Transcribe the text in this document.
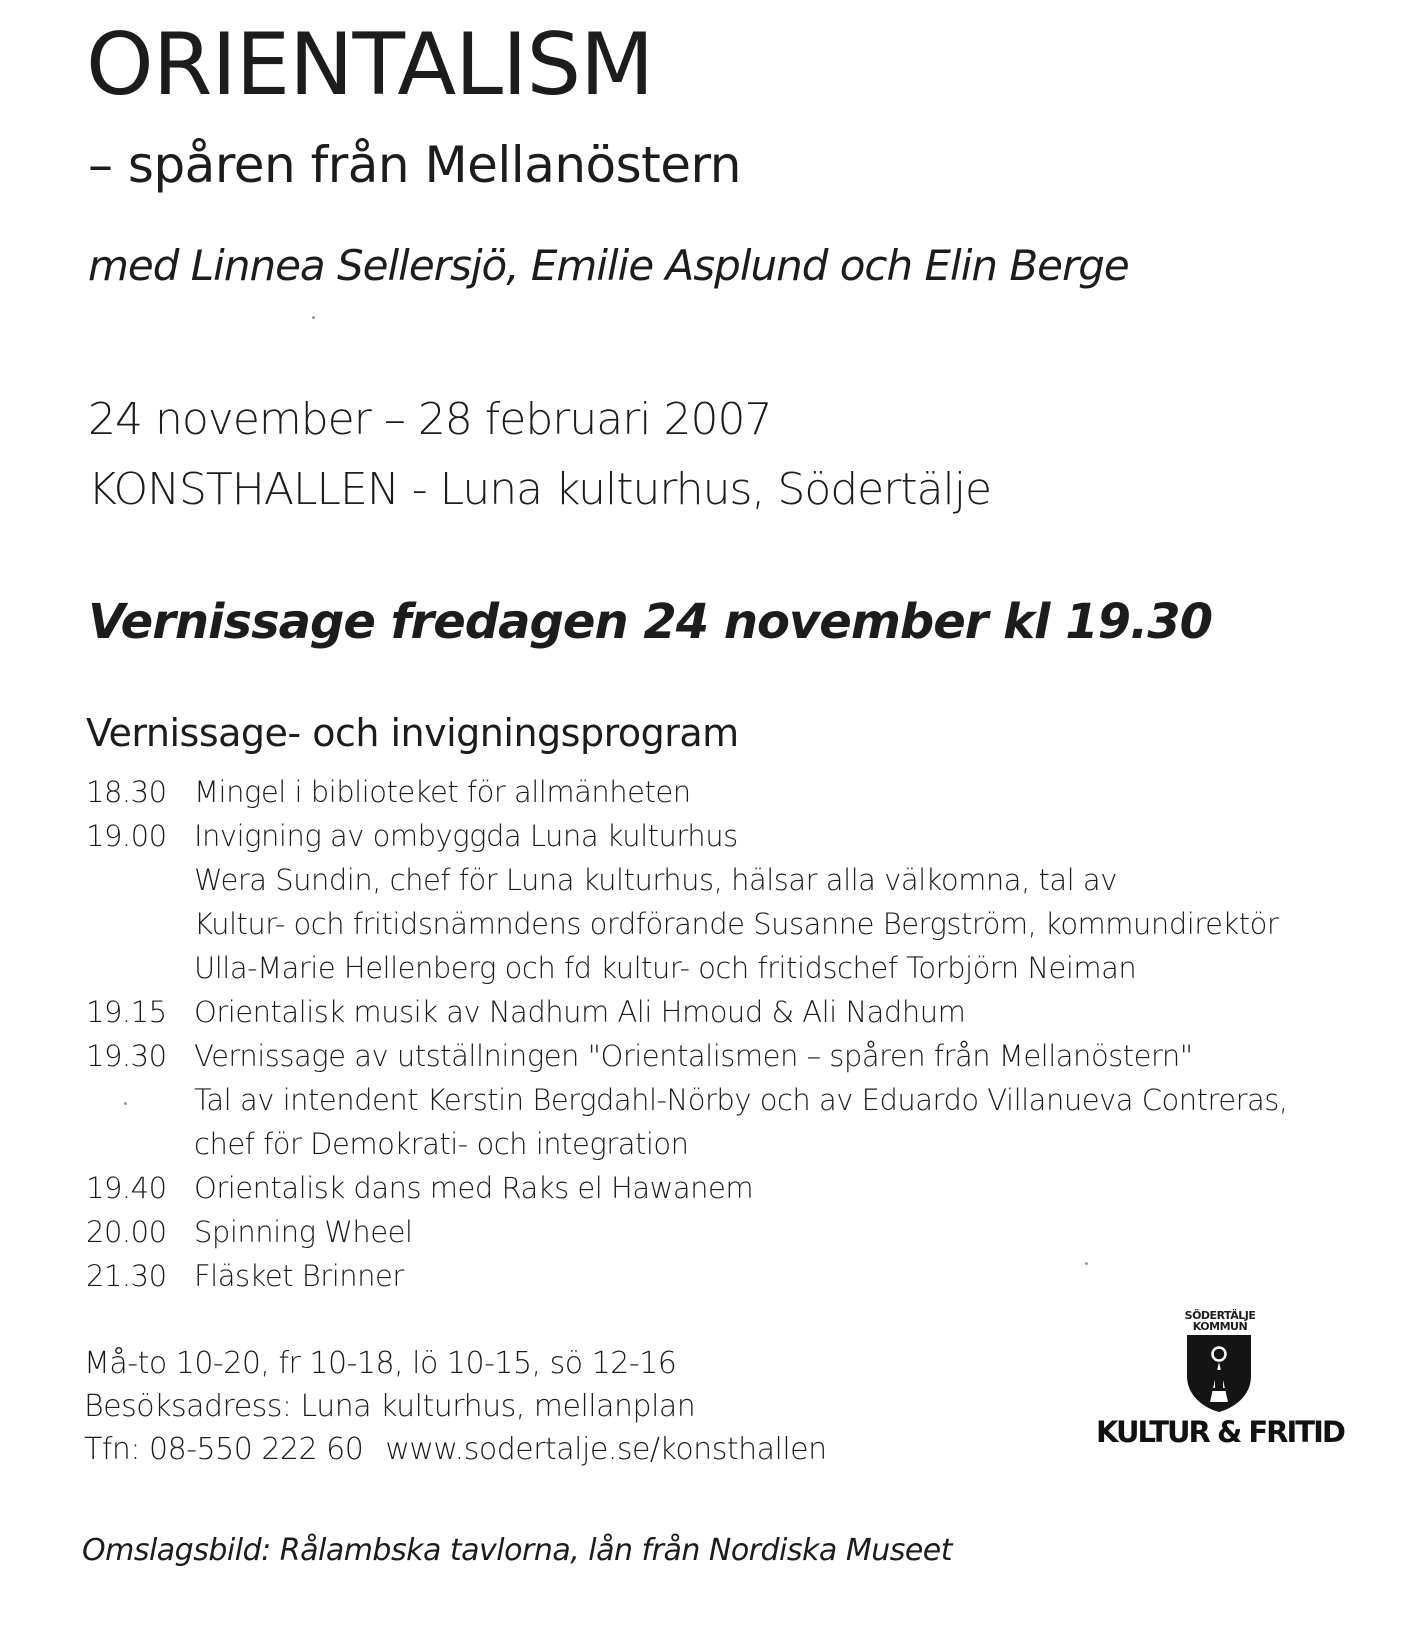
ORIENTALISM
– spåren från Mellanöstern
med Linnea Sellersjö, Emilie Asplund och Elin Berge
24 november – 28 februari 2007
KONSTHALLEN - Luna kulturhus, Södertälje
Vernissage fredagen 24 november kl 19.30
Vernissage- och invigningsprogram
18.30 Mingel i biblioteket för allmänheten
19.00 Invigning av ombyggda Luna kulturhus
Wera Sundin, chef för Luna kulturhus, hälsar alla välkomna, tal av
Kultur- och fritidsnämndens ordförande Susanne Bergström, kommundirektör
Ulla-Marie Hellenberg och fd kultur- och fritidschef Torbjörn Neiman
19.15 Orientalisk musik av Nadhum Ali Hmoud & Ali Nadhum
19.30 Vernissage av utställningen "Orientalismen – spåren från Mellanöstern"
Tal av intendent Kerstin Bergdahl-Nörby och av Eduardo Villanueva Contreras,
chef för Demokrati- och integration
19.40 Orientalisk dans med Raks el Hawanem
20.00 Spinning Wheel
21.30 Fläsket Brinner
Må-to 10-20, fr 10-18, lö 10-15, sö 12-16
Besöksadress: Luna kulturhus, mellanplan
Tfn: 08-550 222 60 www.sodertalje.se/konsthallen
SÖDERTÄLJE
KOMMUN
KULTUR & FRITID
Omslagsbild: Rålambska tavlorna, lån från Nordiska Museet
